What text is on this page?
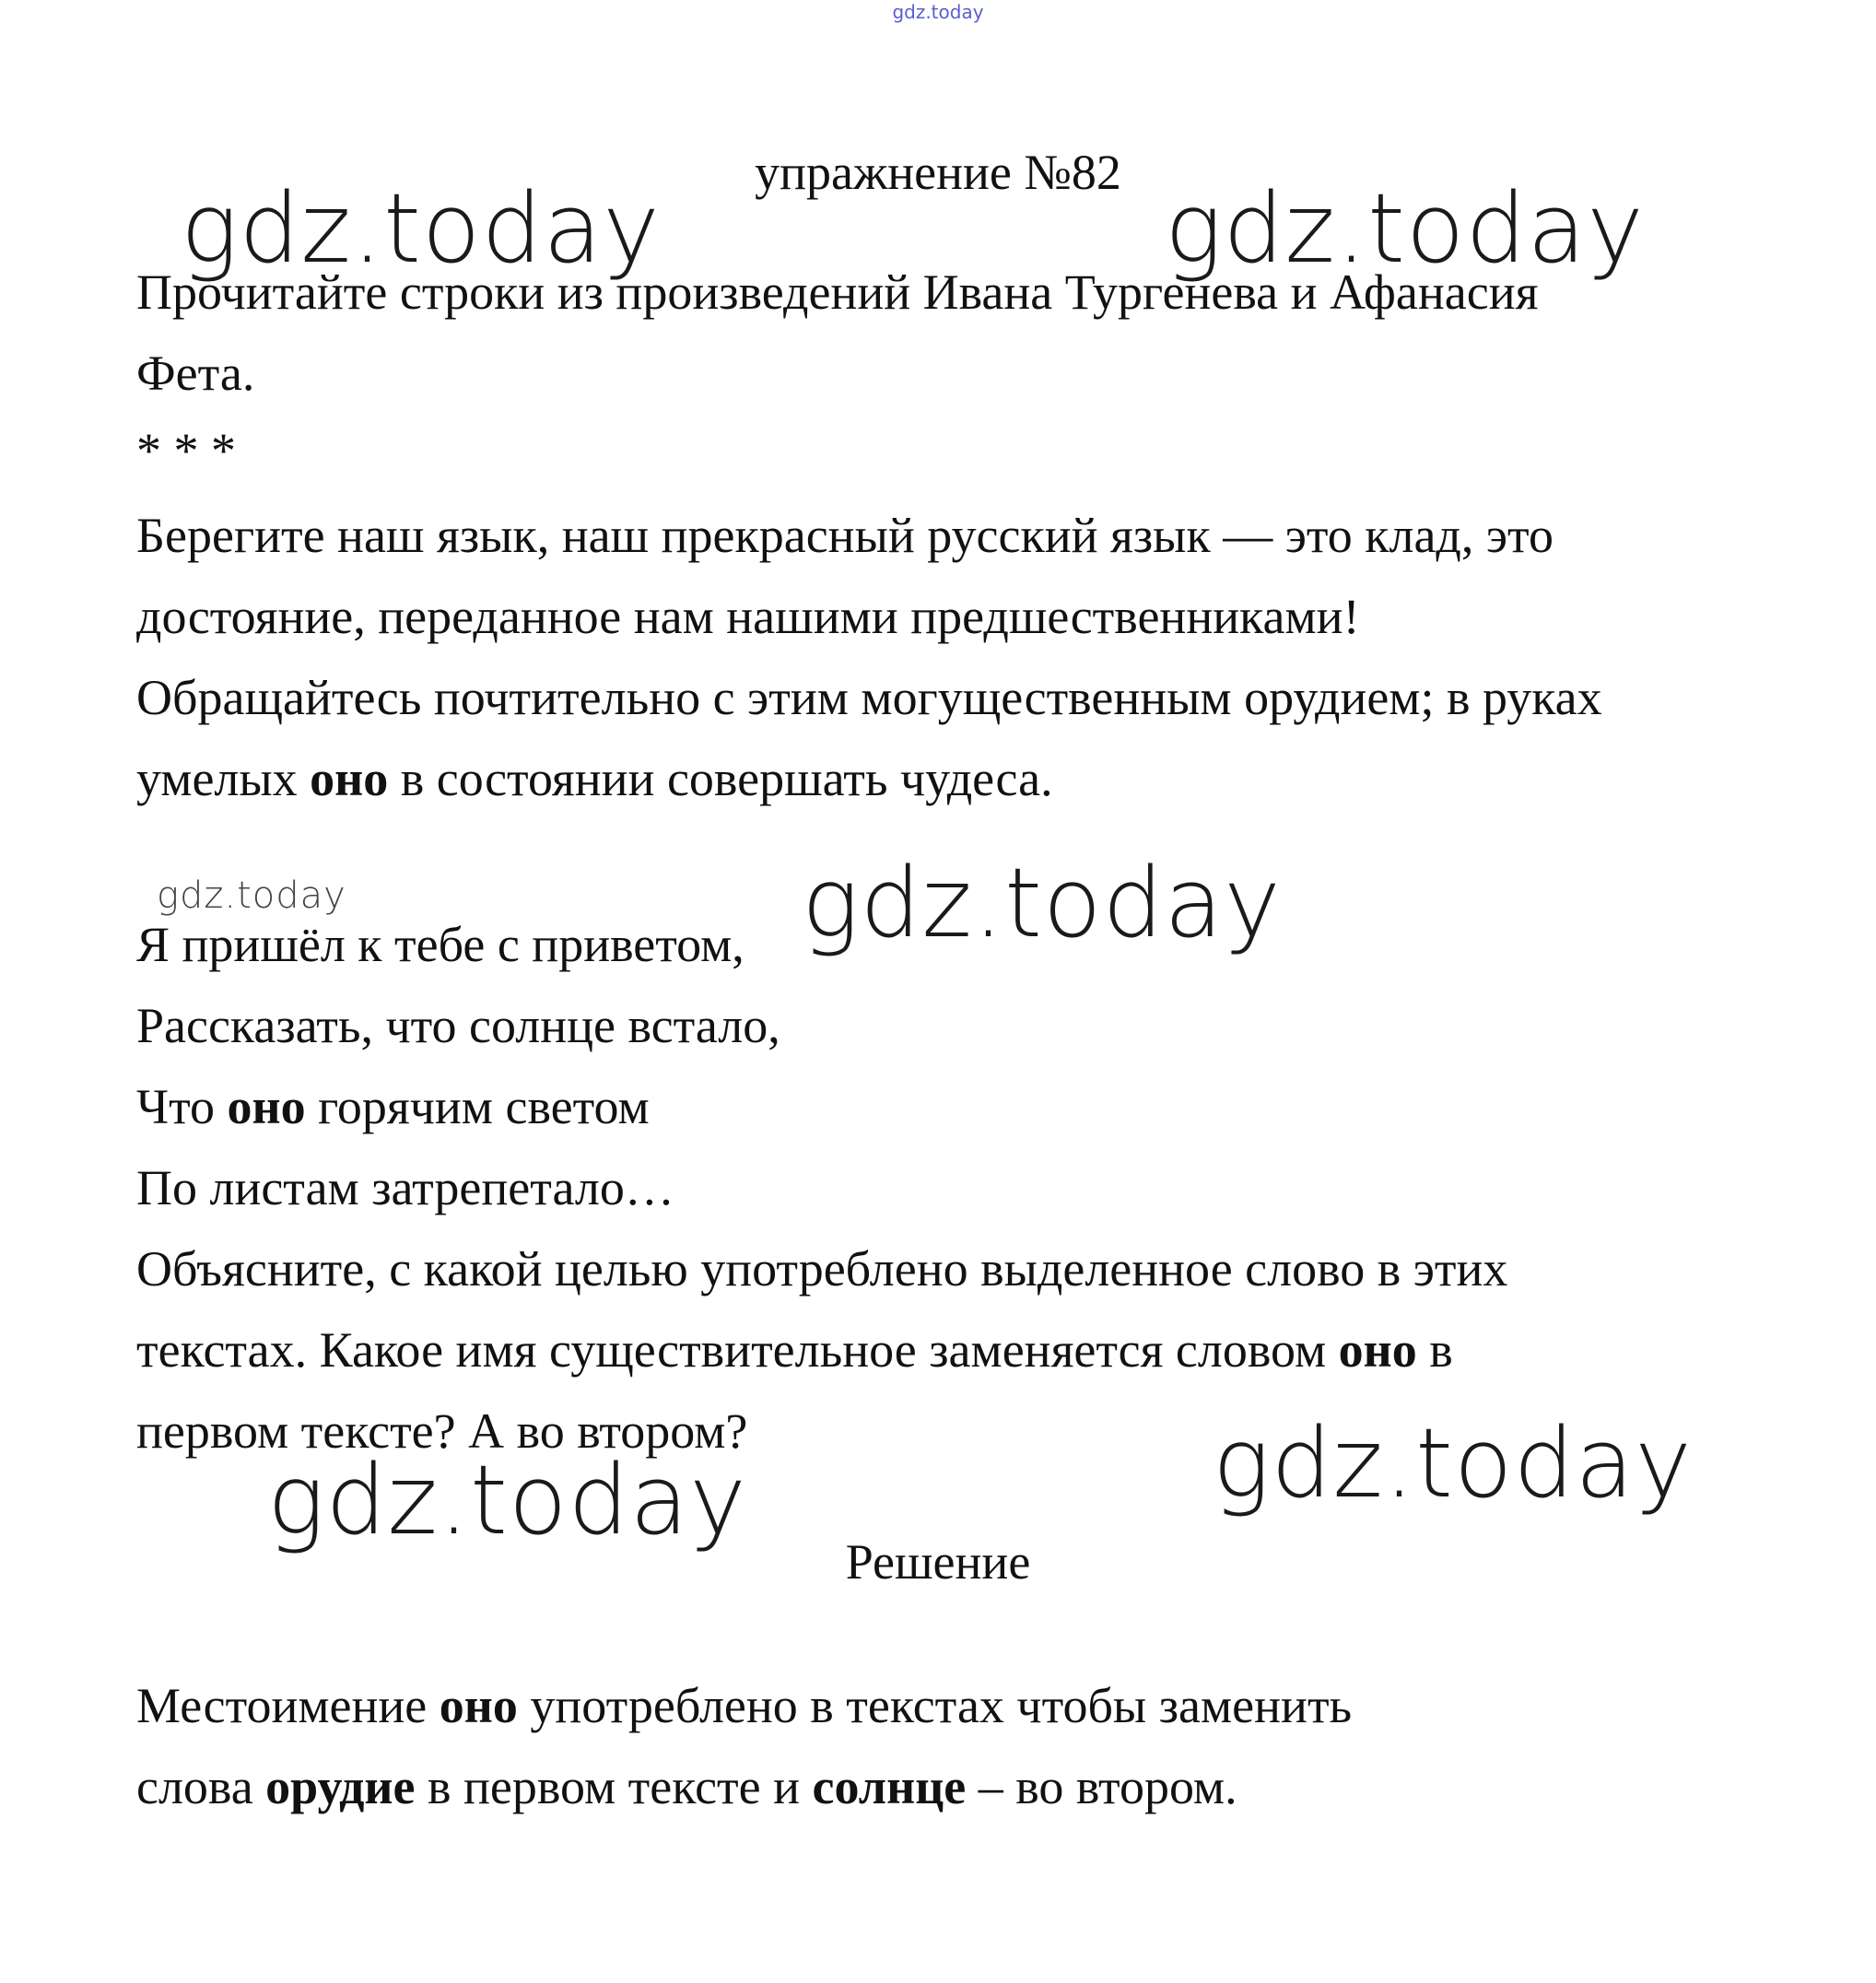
gdz.today
упражнение №82
gdz.today	gdz.today
gdz.today	gdz.today
gdz.today	gdz.today
Прочитайте строки из произведений Ивана Тургенева и Афанасия
Фета.
* * *
Берегите наш язык, наш прекрасный русский язык — это клад, это
достояние, переданное нам нашими предшественниками!
Обращайтесь почтительно с этим могущественным орудием; в руках
умелых оно в состоянии совершать чудеса.
Я пришёл к тебе с приветом,
Рассказать, что солнце встало,
Что оно горячим светом
По листам затрепетало…
Объясните, с какой целью употреблено выделенное слово в этих
текстах. Какое имя существительное заменяется словом оно в
первом тексте? А во втором?
Решение
Местоимение оно употреблено в текстах чтобы заменить
слова орудие в первом тексте и солнце – во втором.
